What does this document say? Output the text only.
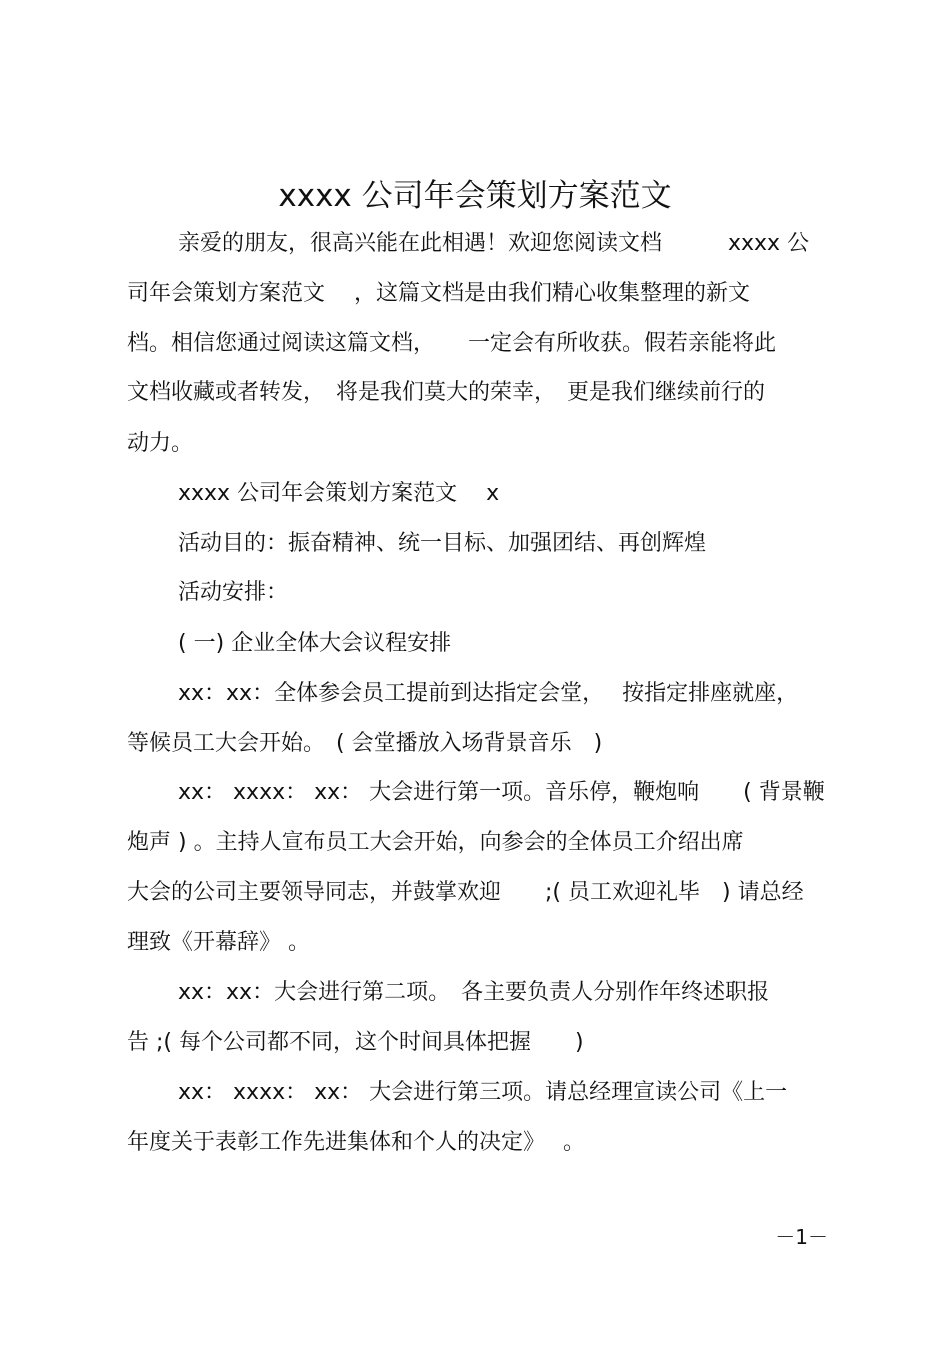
xxxx 公司年会策划方案范文
亲爱的朋友，很高兴能在此相遇！欢迎您阅读文档　　　xxxx 公
司年会策划方案范文　 ，这篇文档是由我们精心收集整理的新文
档。相信您通过阅读这篇文档，　　一定会有所收获。假若亲能将此
文档收藏或者转发，　将是我们莫大的荣幸，　更是我们继续前行的
动力。
xxxx 公司年会策划方案范文　 x
活动目的：振奋精神、统一目标、加强团结、再创辉煌
活动安排：
( 一) 企业全体大会议程安排
xx：xx：全体参会员工提前到达指定会堂，　 按指定排座就座，
等候员工大会开始。　( 会堂播放入场背景音乐　)
xx： xxxx： xx： 大会进行第一项。音乐停，鞭炮响　　( 背景鞭
炮声 ) 。主持人宣布员工大会开始，向参会的全体员工介绍出席
大会的公司主要领导同志，并鼓掌欢迎　　;( 员工欢迎礼毕　) 请总经
理致《开幕辞》 。
xx：xx：大会进行第二项。　各主要负责人分别作年终述职报
告 ;( 每个公司都不同，这个时间具体把握　　)
xx： xxxx： xx： 大会进行第三项。请总经理宣读公司《上一
年度关于表彰工作先进集体和个人的决定》　 。
－1－
